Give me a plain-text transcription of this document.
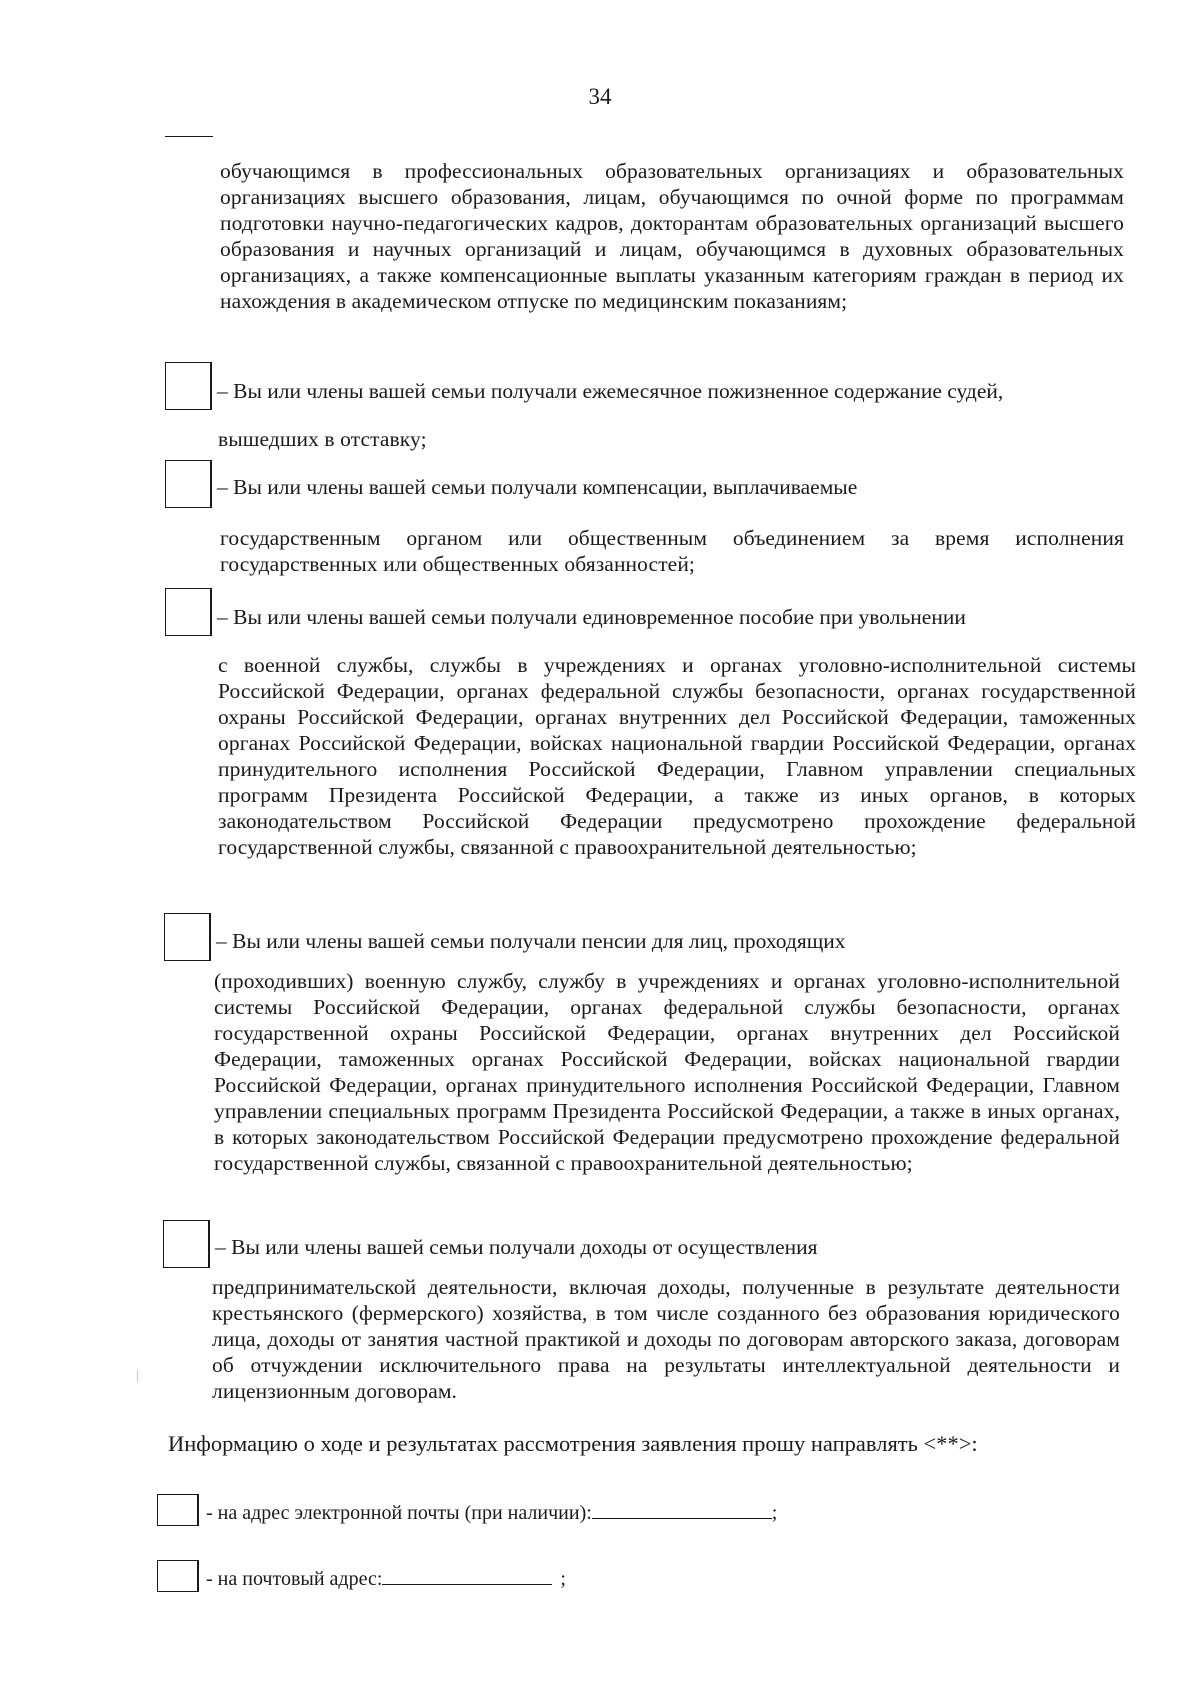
34
обучающимся в профессиональных образовательных организациях и образовательных организациях высшего образования, лицам, обучающимся по очной форме по программам подготовки научно-педагогических кадров, докторантам образовательных организаций высшего образования и научных организаций и лицам, обучающимся в духовных образовательных организациях, а также компенсационные выплаты указанным категориям граждан в период их нахождения в академическом отпуске по медицинским показаниям;
– Вы или члены вашей семьи получали ежемесячное пожизненное содержание судей,
вышедших в отставку;
– Вы или члены вашей семьи получали компенсации, выплачиваемые
государственным органом или общественным объединением за время исполнения государственных или общественных обязанностей;
– Вы или члены вашей семьи получали единовременное пособие при увольнении
с военной службы, службы в учреждениях и органах уголовно-исполнительной системы Российской Федерации, органах федеральной службы безопасности, органах государственной охраны Российской Федерации, органах внутренних дел Российской Федерации, таможенных органах Российской Федерации, войсках национальной гвардии Российской Федерации, органах принудительного исполнения Российской Федерации, Главном управлении специальных программ Президента Российской Федерации, а также из иных органов, в которых законодательством Российской Федерации предусмотрено прохождение федеральной государственной службы, связанной с правоохранительной деятельностью;
– Вы или члены вашей семьи получали пенсии для лиц, проходящих
(проходивших) военную службу, службу в учреждениях и органах уголовно-исполнительной системы Российской Федерации, органах федеральной службы безопасности, органах государственной охраны Российской Федерации, органах внутренних дел Российской Федерации, таможенных органах Российской Федерации, войсках национальной гвардии Российской Федерации, органах принудительного исполнения Российской Федерации, Главном управлении специальных программ Президента Российской Федерации, а также в иных органах, в которых законодательством Российской Федерации предусмотрено прохождение федеральной государственной службы, связанной с правоохранительной деятельностью;
– Вы или члены вашей семьи получали доходы от осуществления
предпринимательской деятельности, включая доходы, полученные в результате деятельности крестьянского (фермерского) хозяйства, в том числе созданного без образования юридического лица, доходы от занятия частной практикой и доходы по договорам авторского заказа, договорам об отчуждении исключительного права на результаты интеллектуальной деятельности и лицензионным договорам.
Информацию о ходе и результатах рассмотрения заявления прошу направлять <**>:
- на адрес электронной почты (при наличии):	;
- на почтовый адрес:	;
